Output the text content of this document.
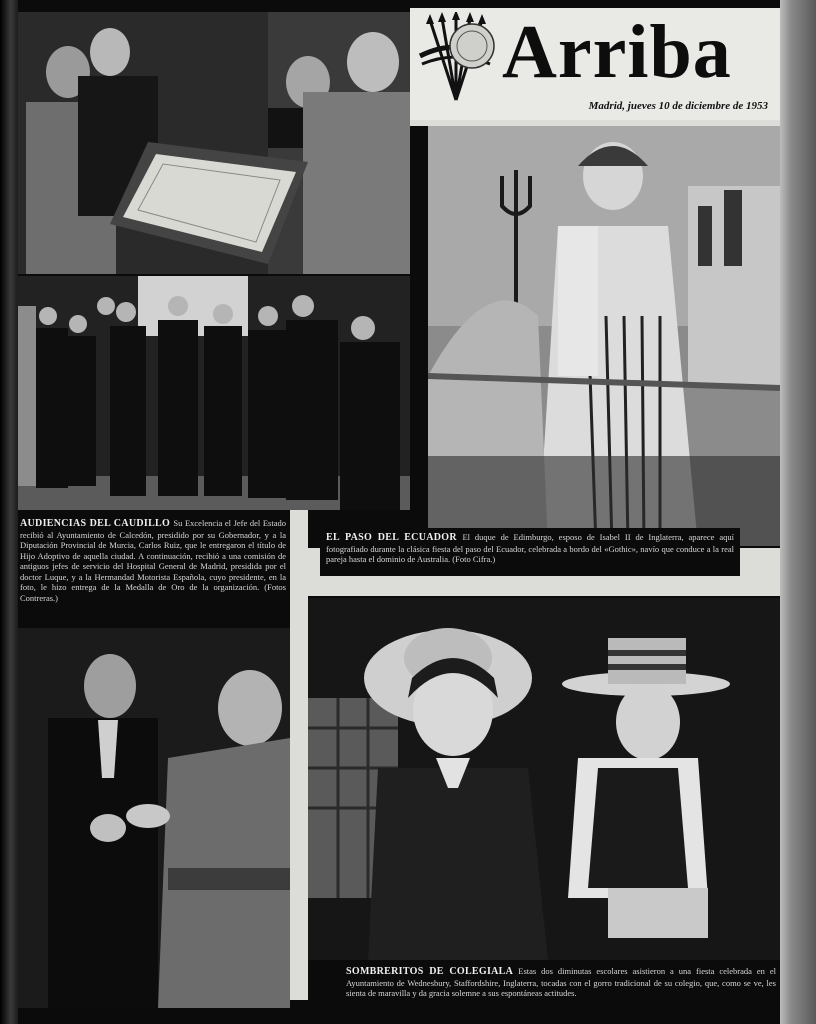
Arriba
Madrid, jueves 10 de diciembre de 1953
AUDIENCIAS DEL CAUDILLO Su Excelencia el Jefe del Estado recibió al Ayuntamiento de Calcedón, presidido por su Gobernador, y a la Diputación Provincial de Murcia, Carlos Ruiz, que le entregaron el título de Hijo Adoptivo de aquella ciudad. A continuación, recibió a una comisión de antiguos jefes de servicio del Hospital General de Madrid, presidida por el doctor Luque, y a la Hermandad Motorista Española, cuyo presidente, en la foto, le hizo entrega de la Medalla de Oro de la organización. (Fotos Contreras.)
EL PASO DEL ECUADOR El duque de Edimburgo, esposo de Isabel II de Inglaterra, aparece aquí fotografiado durante la clásica fiesta del paso del Ecuador, celebrada a bordo del «Gothic», navío que conduce a la real pareja hasta el dominio de Australia. (Foto Cifra.)
SOMBRERITOS DE COLEGIALA Estas dos diminutas escolares asistieron a una fiesta celebrada en el Ayuntamiento de Wednesbury, Staffordshire, Inglaterra, tocadas con el gorro tradicional de su colegio, que, como se ve, les sienta de maravilla y da gracia solemne a sus espontáneas actitudes.
